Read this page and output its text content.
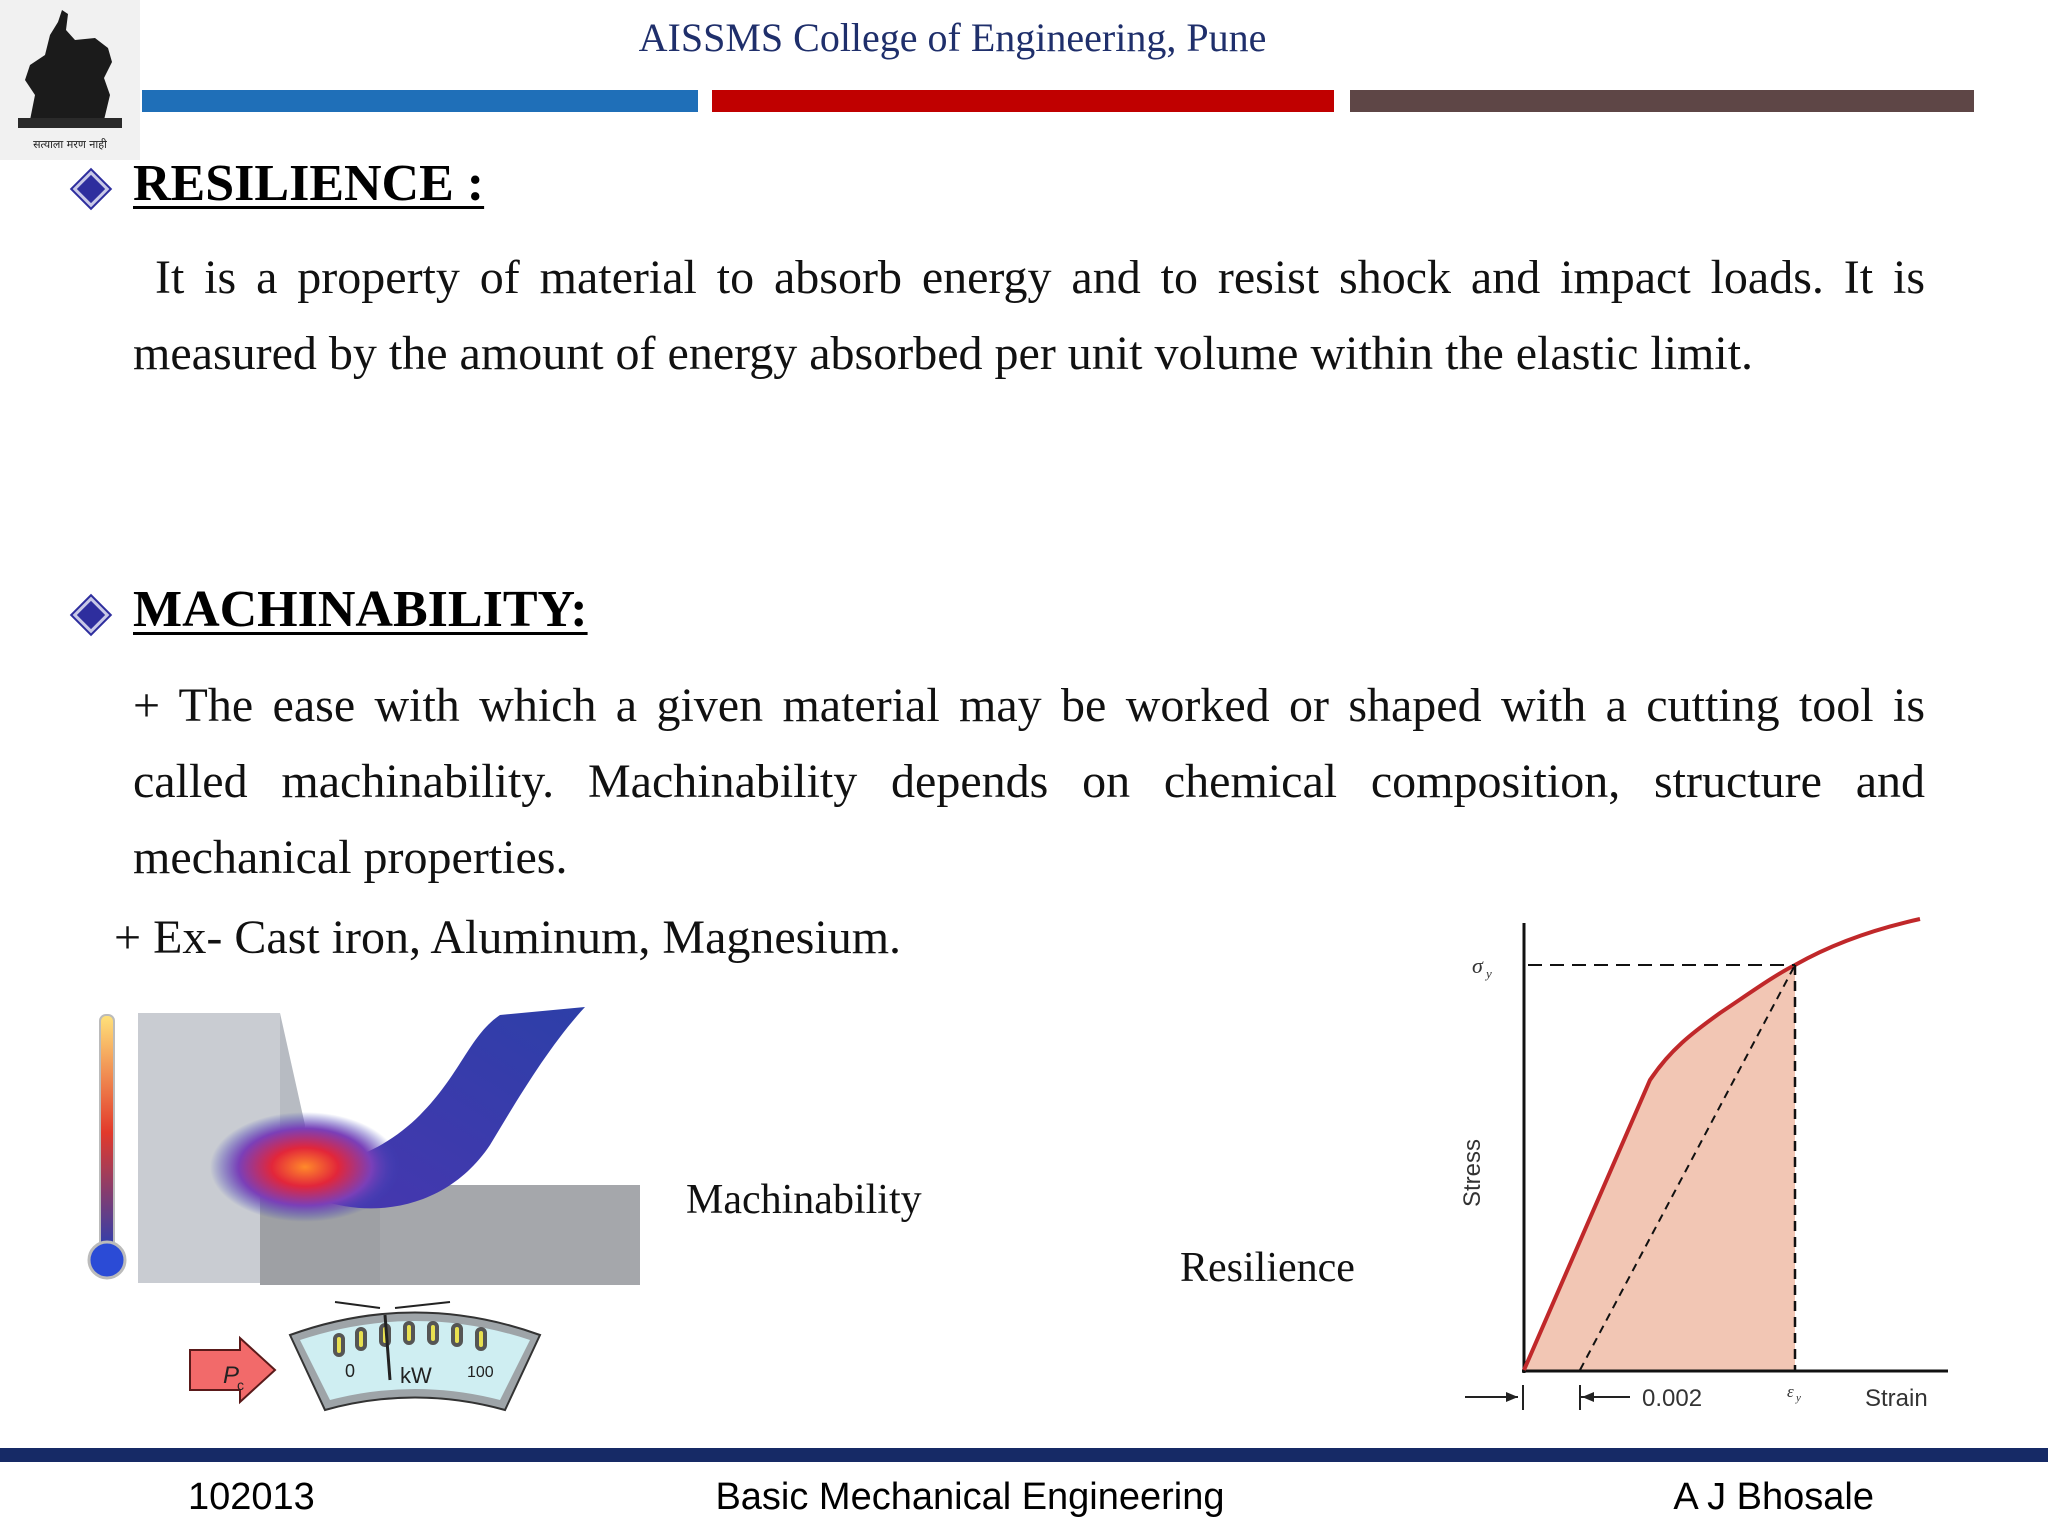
सत्याला मरण नाही
AISSMS College of Engineering, Pune
RESILIENCE :
It is a property of material to absorb energy and to resist shock and impact loads. It is measured by the amount of energy absorbed per unit volume within the elastic limit.
MACHINABILITY:
+ The ease with which a given material may be worked or shaped with a cutting tool is called machinability. Machinability depends on chemical composition, structure and mechanical properties.
+ Ex- Cast iron, Aluminum, Magnesium.
P
c
0 kW 100
Machinability
Resilience
σ y
Stress
0.002	ε y	Strain
102013	Basic Mechanical Engineering	A J Bhosale
